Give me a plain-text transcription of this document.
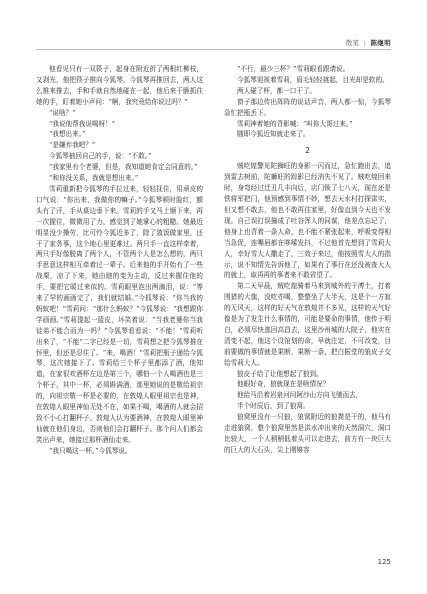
散笔 | 陈继明

他看见只有一双筷子，起身在附近折了两根红柳枝，又剥光，他把筷子推向今狐琴，今狐琴再推回去，两人这么推来推去，手和手就自然地碰在一起，他后来干脆抓住她的手，盯着她小声问：“啊，我究竟给你说过吗？”

“说啥？”

“我说他帮我说喝呀！”

“我想出来。”

“是嫌弃我吧？”

今狐琴抽回自己的手，说：“不敢。”

“我家里有个老婆，但是，我知道她肯定会同意的。”

“和你没关系，我就是想出来。”

雪莉重新把今狐琴的手拉过来，轻轻抚住，用顽皮的口气说：“你出来，我做你的嘛子。”今狐琴顿时脸红，额头有了汗，手从桌边垂下来。雪莉的手又马上顺下来，再一次握住，微微用了力，感觉到了她掌心的粗糙。她最近明显没少操劳，比可怜今狐近多了，除了敛饭做家里，还干了家务事，这个地心里更难过。两只手一直这样牵着，两只手好像脱离了两个人，不管两个人是怎么想的，两只手思意这样相互牵着过一辈子。后来他的手开始有了一些战栗，凉了下来，她由她的变为主动，反过来握住他的手，要把它暖过来似的。雪莉眼里泡出两滴泪，说：“等来了罕的画画完了，我们就结婚。”今狐琴说：“你当我的蚂蚁吧！”雪莉问：“那什么蚂蚁？”今狐琴说：“我想跟你学画画。”雪莉提起一篮皮，坏笑着说：“当我老婆你当我徒弟不能合而为一吗？”今狐琴看看说：“不能！”雪莉听出来了，“不能”二字已经是一切，雪莉想之把今狐琴推在怀里，但还是忍住了。“来，喝酒！”雪莉把瓶子递给今狐琴，这次她接下了。雪莉给三个杯子里都添了酒，他知道，在家很欢酒杯左边是第三个，哪怕一个人喝酒也是三个杯子，其中一杯，必须斟满酒，那里她说的是敬给祖宗的，向祖宗敬一杯是必要的，在敦煌人眼里祖宗也是神，在敦煌人眼里神仙无处不在，如果不喝，喝酒的人就会招致不小心打翻杯子。敦煌人认为要酒神，在敦煌人眼里神仙就在他们身边，否则他们会打翻杯子。那个问人们都会笑出声来，她接过那杯酒仙走来。

“我只喝这一杯。”今狐琴说。

“不行，最少三杯？”雪莉眼看跟请说。

今狐琴迎视着雪莉，眉毛轻轻挑起，目光却是软的。

两人碰了杯，都一口干了。

窗子那边传出阵阵的说话声音，两人都一惊，今狐琴急忙把瓶丢下。

雪莉神着她的背影喊：“叫你大哥过来。”

随即今狐近知就走来了。

2

贼吃煌警见陀狮旺的身影一闪而过，急忙跑出去，追到雷去树前，陀狮旺的踪影已经消失不见了。贼吃煌回来时，身弯经过迁丑几丰向后，店门锁了七八天，现在还是铁将军把门，他预感到事情不妙，想去天水村打探雷实，但又想不敢去，他也不敢再往家里，好像直到今天也不发现。自己误打误撞成了吐谷浑人的同谋，他差点忘记了，他身上也背着一条人命，也不能不紧张起来，呼吸变得相当急促，连嘴唇都在哆嗦发抖，不过他首先想到了雪莉大人，幸好雪大人撒走了，三效子来过，他按照雪大人的指示，说不知情先告诉他了，如果有了事行在还没被查大人的就上，取再再的事者来不敢省望了。

第二天早晨，贼吃煌骑着马来到城外的干溥土，打着围猎的大旗，没吃亦喝，整整坐了大半天，这是个一方寂的无风天，这样的好天气在敦煌并不多见，这样的天气好像是为了发生什么事情的，可能是要命的事情，他传于明白，必须尽快逃回高昌去，这里沙州城的大院子，他实在清变不起，他这个设馆划的命，早就注定，不可改变，目前要做的事情就是果断，果断一条，把白振堂的狼皮子交给雪莉大人。

狼皮子给了让他想起了狼到。

他眼好奇，狼就现在是啥情况？

他给马沿着岩泉河问阿沙山方向飞驰而去，

半个时辰后，到了狼窝。

狼窝里没有一只狼，狼窝附近的狼粪是干的，他马有走进狼窝，整个狼窝里然是洪水冲出来的天然洞穴，洞口比较大，一个人稍稍低着头可以走进去，前方有一块巨大的巨大的大石头，尖上刚够容

125
